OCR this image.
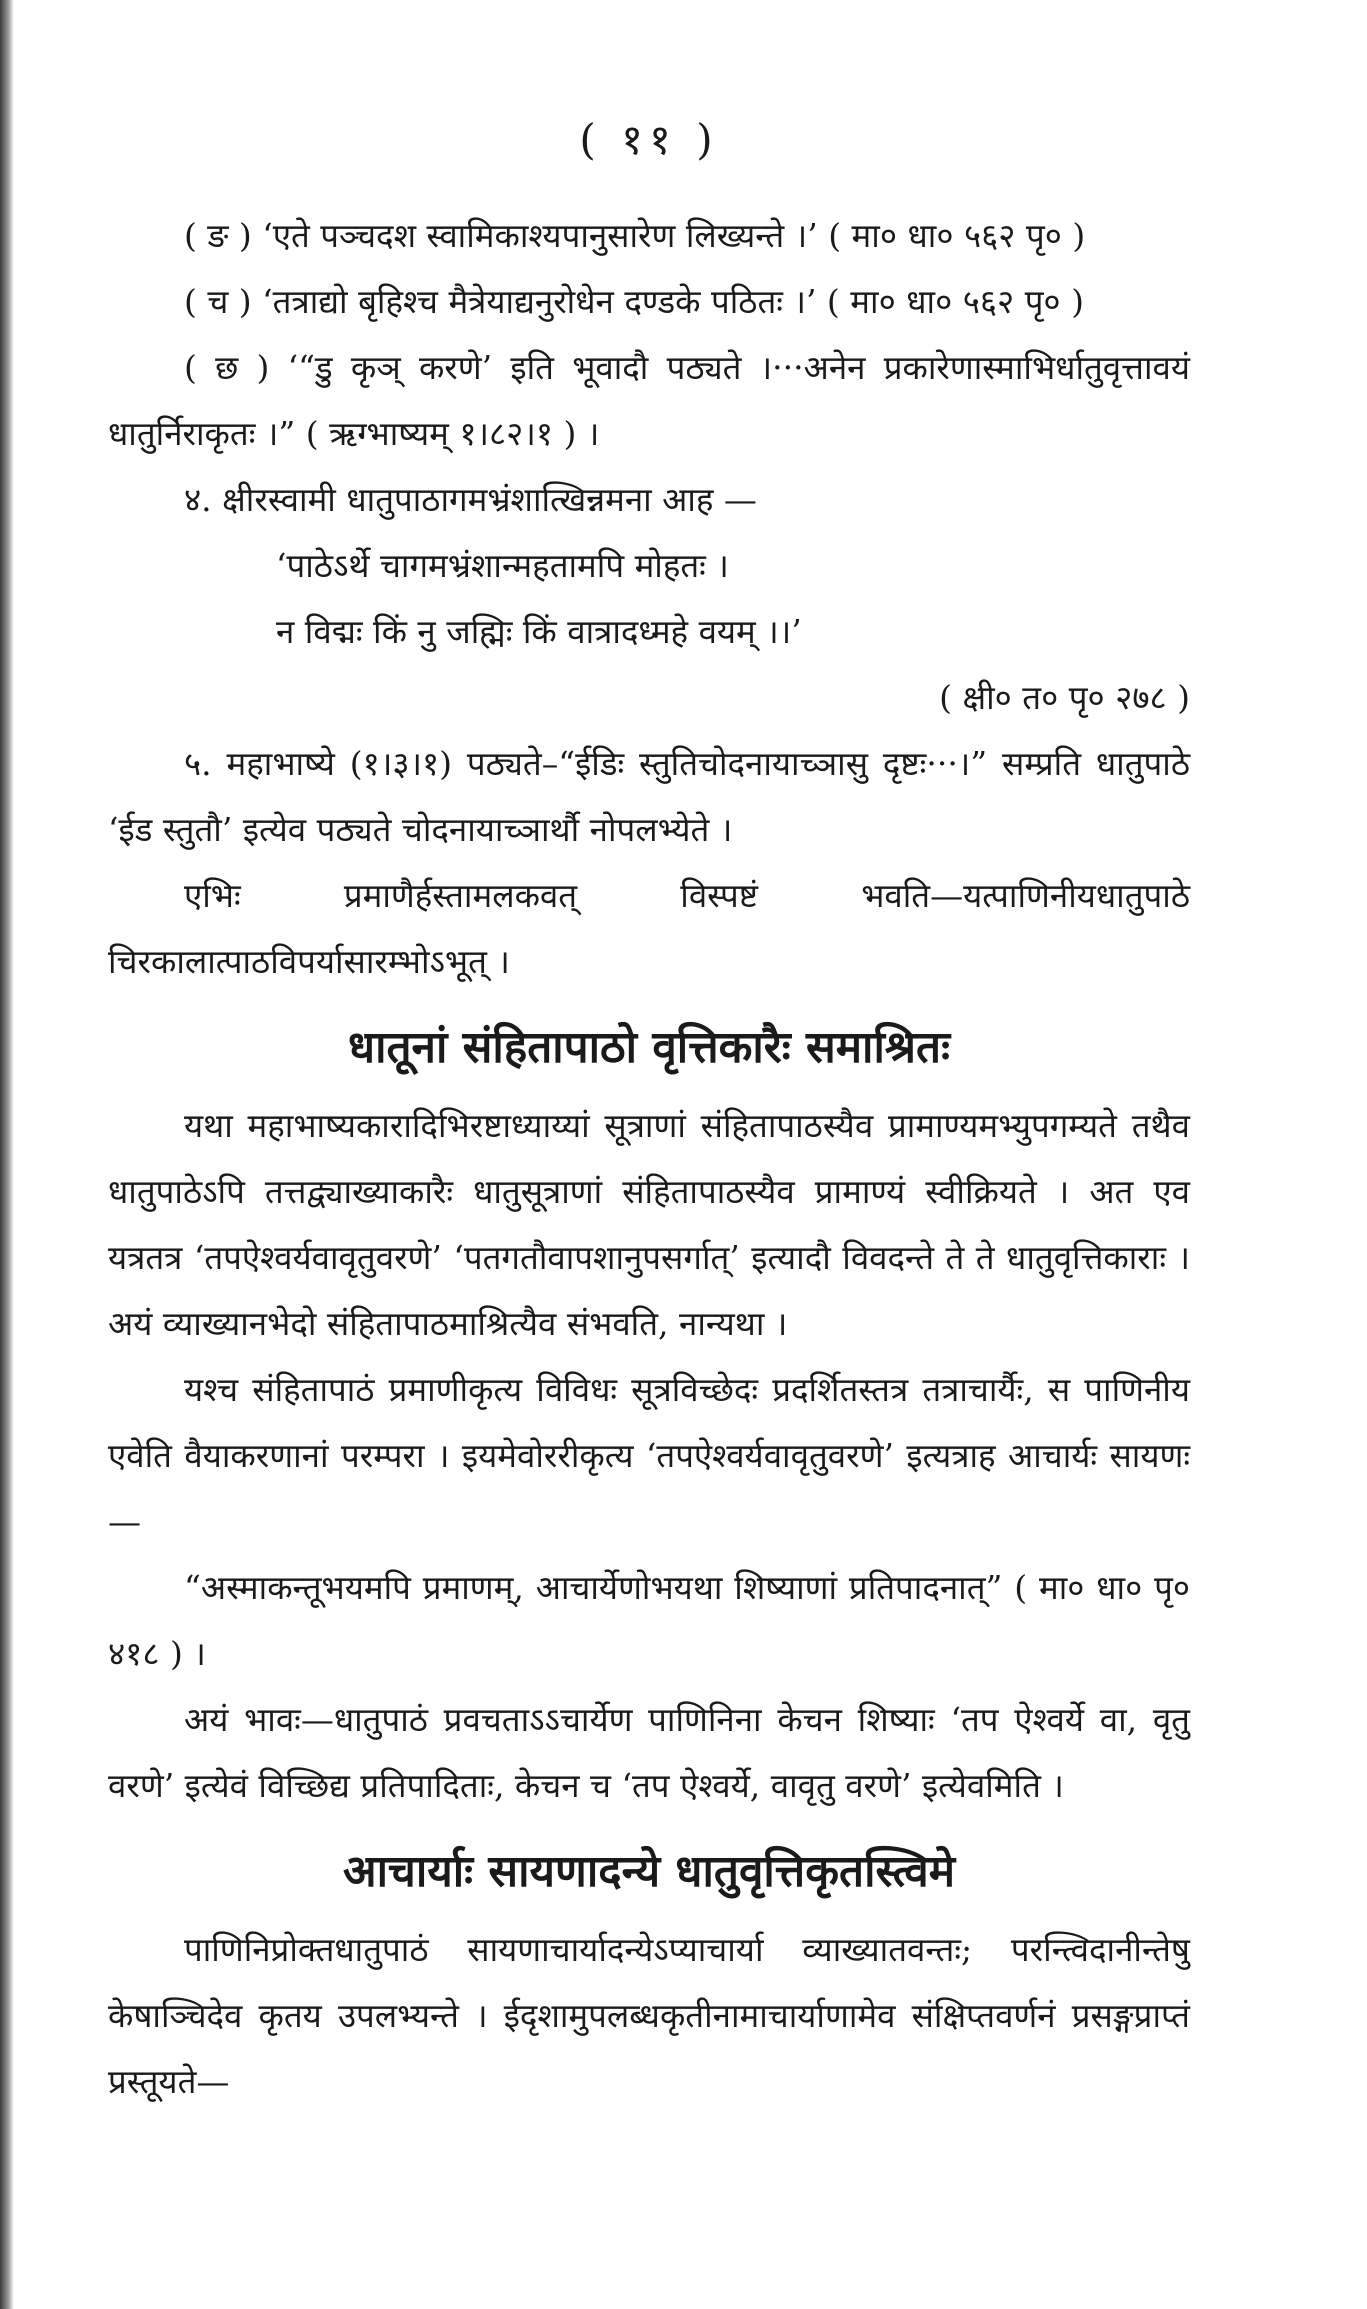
( ११ )

( ङ ) ‘एते पञ्चदश स्वामिकाश्यपानुसारेण लिख्यन्ते ।’ ( मा० धा० ५६२ पृ० )

( च ) ‘तत्राद्यो बृहिश्च मैत्रेयाद्यनुरोधेन दण्डके पठितः ।’ ( मा० धा० ५६२ पृ० )

( छ ) ‘“डु कृञ् करणे’ इति भूवादौ पठ्यते ।···अनेन प्रकारेणास्माभिर्धातुवृत्तावयं धातुर्निराकृतः ।” ( ऋग्भाष्यम् १।८२।१ ) ।

४. क्षीरस्वामी धातुपाठागमभ्रंशात्खिन्नमना आह —

‘पाठेऽर्थे चागमभ्रंशान्महतामपि मोहतः ।
न विद्मः किं नु जह्मिः किं वात्रादध्महे वयम् ।।’
( क्षी० त० पृ० २७८ )

५. महाभाष्ये (१।३।१) पठ्यते–“ईडिः स्तुतिचोदनायाच्ञासु दृष्टः···।” सम्प्रति धातुपाठे ‘ईड स्तुतौ’ इत्येव पठ्यते चोदनायाच्ञार्थौ नोपलभ्येते ।

एभिः प्रमाणैर्हस्तामलकवत् विस्पष्टं भवति—यत्पाणिनीयधातुपाठे चिरकालात्पाठविपर्यासारम्भोऽभूत् ।

धातूनां संहितापाठो वृत्तिकारैः समाश्रितः

यथा महाभाष्यकारादिभिरष्टाध्याय्यां सूत्राणां संहितापाठस्यैव प्रामाण्यमभ्युपगम्यते तथैव धातुपाठेऽपि तत्तद्व्याख्याकारैः धातुसूत्राणां संहितापाठस्यैव प्रामाण्यं स्वीक्रियते । अत एव यत्रतत्र ‘तपऐश्वर्यवावृतुवरणे’ ‘पतगतौवापशानुपसर्गात्’ इत्यादौ विवदन्ते ते ते धातुवृत्तिकाराः । अयं व्याख्यानभेदो संहितापाठमाश्रित्यैव संभवति, नान्यथा ।

यश्च संहितापाठं प्रमाणीकृत्य विविधः सूत्रविच्छेदः प्रदर्शितस्तत्र तत्राचार्यैः, स पाणिनीय एवेति वैयाकरणानां परम्परा । इयमेवोररीकृत्य ‘तपऐश्वर्यवावृतुवरणे’ इत्यत्राह आचार्यः सायणः—

“अस्माकन्तूभयमपि प्रमाणम्, आचार्येणोभयथा शिष्याणां प्रतिपादनात्” ( मा० धा० पृ० ४१८ ) ।

अयं भावः—धातुपाठं प्रवचताऽऽचार्येण पाणिनिना केचन शिष्याः ‘तप ऐश्वर्ये वा, वृतु वरणे’ इत्येवं विच्छिद्य प्रतिपादिताः, केचन च ‘तप ऐश्वर्ये, वावृतु वरणे’ इत्येवमिति ।

आचार्याः सायणादन्ये धातुवृत्तिकृतस्त्विमे

पाणिनिप्रोक्तधातुपाठं सायणाचार्यादन्येऽप्याचार्या व्याख्यातवन्तः; परन्त्विदानीन्तेषु केषाञ्चिदेव कृतय उपलभ्यन्ते । ईदृशामुपलब्धकृतीनामाचार्याणामेव संक्षिप्तवर्णनं प्रसङ्गप्राप्तं प्रस्तूयते—
